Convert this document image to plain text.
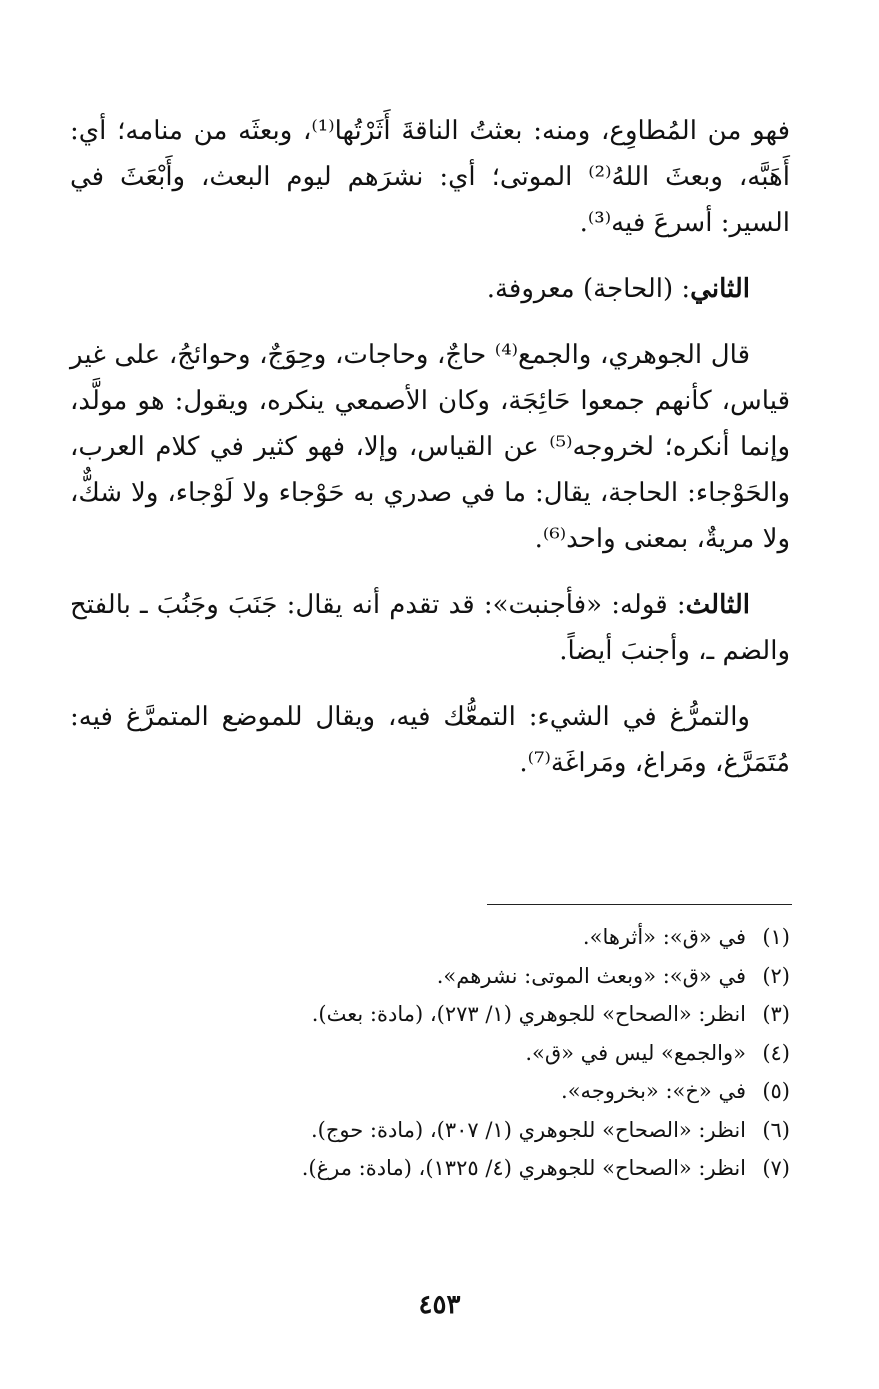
فهو من المُطاوِع، ومنه: بعثتُ الناقةَ أَثَرْتُها⁽¹⁾، وبعثَه من منامه؛ أي: أَهَبَّه، وبعثَ اللهُ⁽²⁾ الموتى؛ أي: نشرَهم ليوم البعث، وأَبْعَثَ في السير: أسرعَ فيه⁽³⁾.

الثاني: (الحاجة) معروفة.

قال الجوهري، والجمع⁽⁴⁾ حاجٌ، وحاجات، وحِوَجٌ، وحوائجُ، على غير قياس، كأنهم جمعوا حَائِجَة، وكان الأصمعي ينكره، ويقول: هو مولَّد، وإنما أنكره؛ لخروجه⁽⁵⁾ عن القياس، وإلا، فهو كثير في كلام العرب، والحَوْجاء: الحاجة، يقال: ما في صدري به حَوْجاء ولا لَوْجاء، ولا شكٌّ، ولا مريةٌ، بمعنى واحد⁽⁶⁾.

الثالث: قوله: «فأجنبت»: قد تقدم أنه يقال: جَنَبَ وجَنُبَ ـ بالفتح والضم ـ، وأجنبَ أيضاً.

والتمرُّغ في الشيء: التمعُّك فيه، ويقال للموضع المتمرَّغ فيه: مُتَمَرَّغ، ومَراغ، ومَراغَة⁽⁷⁾.

(١)
في «ق»: «أثرها».
(٢)
في «ق»: «وبعث الموتى: نشرهم».
(٣)
انظر: «الصحاح» للجوهري (١/ ٢٧٣)، (مادة: بعث).
(٤)
«والجمع» ليس في «ق».
(٥)
في «خ»: «بخروجه».
(٦)
انظر: «الصحاح» للجوهري (١/ ٣٠٧)، (مادة: حوج).
(٧)
انظر: «الصحاح» للجوهري (٤/ ١٣٢٥)، (مادة: مرغ).
٤٥٣
